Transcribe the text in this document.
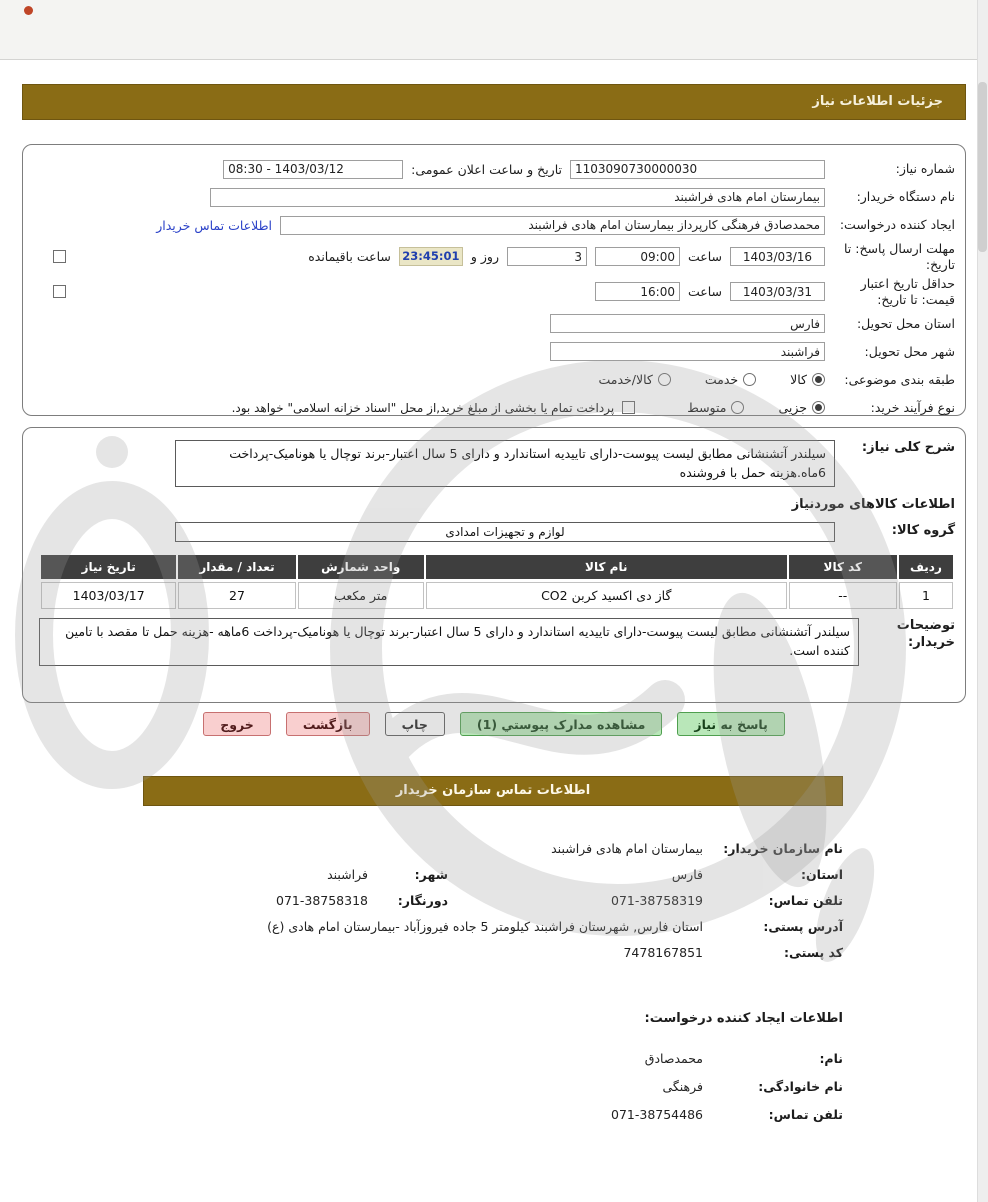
جزئیات اطلاعات نیاز
شماره نیاز:
1103090730000030
تاریخ و ساعت اعلان عمومی:
08:30 - 1403/03/12
نام دستگاه خریدار:
بیمارستان امام هادی فراشبند
ایجاد کننده درخواست:
محمدصادق فرهنگی کارپرداز بیمارستان امام هادی فراشبند
اطلاعات تماس خریدار
مهلت ارسال پاسخ: تا تاریخ:
1403/03/16
ساعت
09:00
3
روز و
23:45:01
ساعت باقیمانده
حداقل تاریخ اعتبار قیمت: تا تاریخ:
1403/03/31
ساعت
16:00
استان محل تحویل:
فارس
شهر محل تحویل:
فراشبند
طبقه بندی موضوعی:
کالا
خدمت
کالا/خدمت
نوع فرآیند خرید:
جزیی
متوسط
پرداخت تمام یا بخشی از مبلغ خرید,از محل "اسناد خزانه اسلامی" خواهد بود.
شرح کلی نیاز:
سیلندر آتشنشانی مطابق لیست پیوست-دارای تاییدیه استاندارد و دارای 5 سال اعتبار-برند توچال یا هونامیک-پرداخت 6ماه.هزینه حمل با فروشنده
اطلاعات کالاهای موردنیاز
گروه کالا:
لوازم و تجهیزات امدادی
ردیف	کد کالا	نام کالا	واحد شمارش	تعداد / مقدار	تاریخ نیاز
1	--	گاز دی اکسید کربن CO2	متر مکعب	27	1403/03/17
توضیحات خریدار:
سیلندر آتشنشانی مطابق لیست پیوست-دارای تاییدیه استاندارد و دارای 5 سال اعتبار-برند توچال یا هونامیک-پرداخت 6ماهه -هزینه حمل تا مقصد با تامین کننده است.
پاسخ به نیاز
مشاهده مدارک پیوستي (1)
چاپ
بازگشت
خروج
اطلاعات تماس سازمان خریدار
نام سازمان خریدار:
بیمارستان امام هادی فراشبند
استان:
فارس
شهر:
فراشبند
تلفن تماس:
071-38758319
دورنگار:
071-38758318
آدرس پستی:
استان فارس, شهرستان فراشبند کیلومتر 5 جاده فیروزآباد -بیمارستان امام هادی (ع)
کد پستی:
7478167851
اطلاعات ایجاد کننده درخواست:
نام:
محمدصادق
نام خانوادگی:
فرهنگی
تلفن تماس:
071-38754486
